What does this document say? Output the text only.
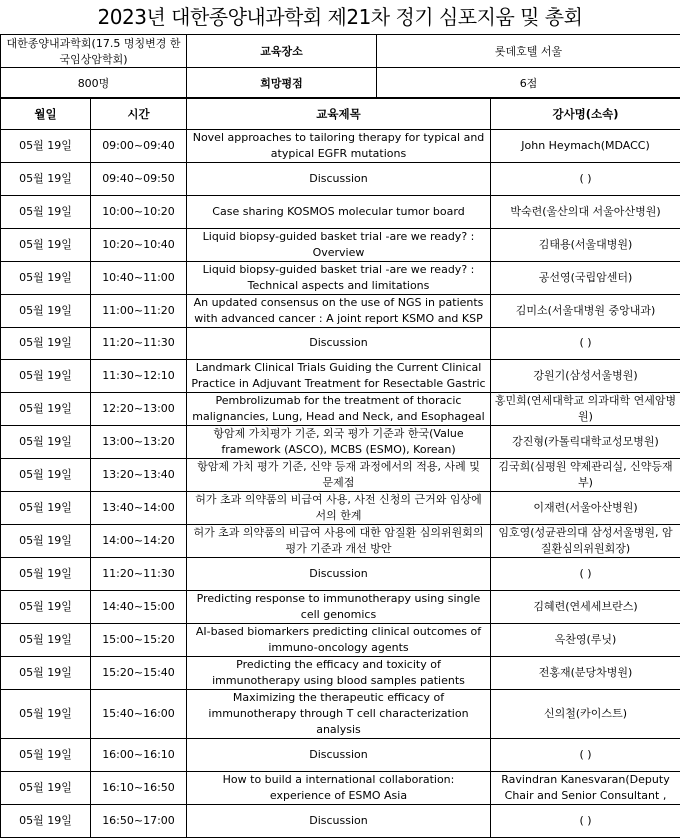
2023년 대한종양내과학회 제21차 정기 심포지움 및 총회
대한종양내과학회(17.5 명칭변경 한국임상암학회)	교육장소	롯데호텔 서울
800명	희망평점	6점
월일	시간	교육제목	강사명(소속)
05월 19일	09:00~09:40	Novel approaches to tailoring therapy for typical and atypical EGFR mutations	John Heymach(MDACC)
05월 19일	09:40~09:50	Discussion	( )
05월 19일	10:00~10:20	Case sharing KOSMOS molecular tumor board	박숙련(울산의대 서울아산병원)
05월 19일	10:20~10:40	Liquid biopsy-guided basket trial -are we ready? : Overview	김태용(서울대병원)
05월 19일	10:40~11:00	Liquid biopsy-guided basket trial -are we ready? : Technical aspects and limitations	공선영(국립암센터)
05월 19일	11:00~11:20	An updated consensus on the use of NGS in patients with advanced cancer : A joint report KSMO and KSP	김미소(서울대병원 중앙내과)
05월 19일	11:20~11:30	Discussion	( )
05월 19일	11:30~12:10	Landmark Clinical Trials Guiding the Current Clinical Practice in Adjuvant Treatment for Resectable Gastric	강원기(삼성서울병원)
05월 19일	12:20~13:00	Pembrolizumab for the treatment of thoracic malignancies, Lung, Head and Neck, and Esophageal	홍민희(연세대학교 의과대학 연세암병원)
05월 19일	13:00~13:20	항암제 가치평가 기준, 외국 평가 기준과 한국(Value framework (ASCO), MCBS (ESMO), Korean)	강진형(카톨릭대학교성모병원)
05월 19일	13:20~13:40	항암제 가치 평가 기준, 신약 등재 과정에서의 적용, 사례 및 문제점	김국희(심평원 약제관리실, 신약등재부)
05월 19일	13:40~14:00	허가 초과 의약품의 비급여 사용, 사전 신청의 근거와 임상에서의 한계	이재련(서울아산병원)
05월 19일	14:00~14:20	허가 초과 의약품의 비급여 사용에 대한 암질환 심의위원회의 평가 기준과 개선 방안	임호영(성균관의대 삼성서울병원, 암질환심의위원회장)
05월 19일	11:20~11:30	Discussion	( )
05월 19일	14:40~15:00	Predicting response to immunotherapy using single cell genomics	김혜련(연세세브란스)
05월 19일	15:00~15:20	AI-based biomarkers predicting clinical outcomes of immuno-oncology agents	옥찬영(루닛)
05월 19일	15:20~15:40	Predicting the efficacy and toxicity of immunotherapy using blood samples patients	전홍재(분당차병원)
05월 19일	15:40~16:00	Maximizing the therapeutic efficacy of immunotherapy through T cell characterization analysis	신의철(카이스트)
05월 19일	16:00~16:10	Discussion	( )
05월 19일	16:10~16:50	How to build a international collaboration: experience of ESMO Asia	Ravindran Kanesvaran(Deputy Chair and Senior Consultant ,
05월 19일	16:50~17:00	Discussion	( )
